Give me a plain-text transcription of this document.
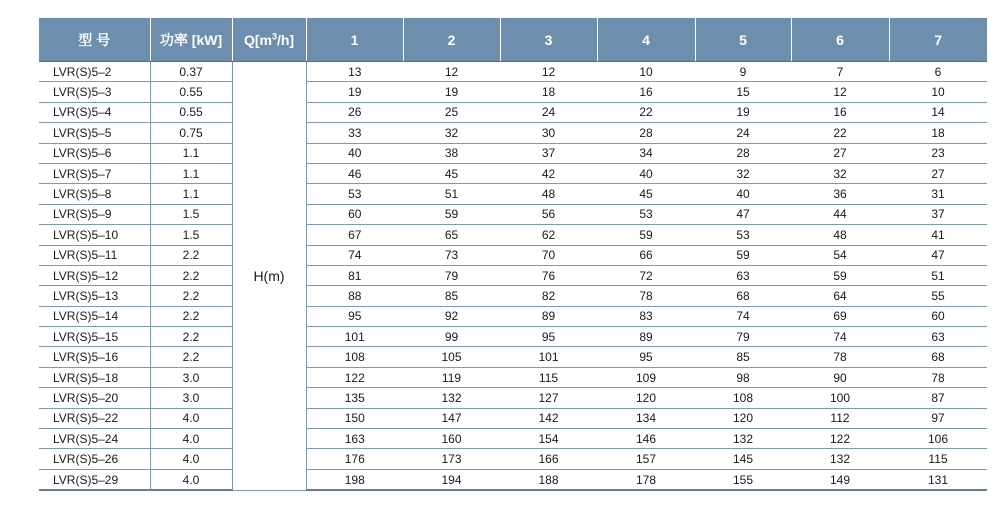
型 号	功率 [kW]	$Q[m^3/h]$	1	2	3	4	5	6	7
LVR(S)5–2	0.37	H(m)	13	12	12	10	9	7	6
LVR(S)5–3	0.55		19	19	18	16	15	12	10
LVR(S)5–4	0.55		26	25	24	22	19	16	14
LVR(S)5–5	0.75		33	32	30	28	24	22	18
LVR(S)5–6	1.1		40	38	37	34	28	27	23
LVR(S)5–7	1.1		46	45	42	40	32	32	27
LVR(S)5–8	1.1		53	51	48	45	40	36	31
LVR(S)5–9	1.5		60	59	56	53	47	44	37
LVR(S)5–10	1.5		67	65	62	59	53	48	41
LVR(S)5–11	2.2		74	73	70	66	59	54	47
LVR(S)5–12	2.2		81	79	76	72	63	59	51
LVR(S)5–13	2.2		88	85	82	78	68	64	55
LVR(S)5–14	2.2		95	92	89	83	74	69	60
LVR(S)5–15	2.2		101	99	95	89	79	74	63
LVR(S)5–16	2.2		108	105	101	95	85	78	68
LVR(S)5–18	3.0		122	119	115	109	98	90	78
LVR(S)5–20	3.0		135	132	127	120	108	100	87
LVR(S)5–22	4.0		150	147	142	134	120	112	97
LVR(S)5–24	4.0		163	160	154	146	132	122	106
LVR(S)5–26	4.0		176	173	166	157	145	132	115
LVR(S)5–29	4.0		198	194	188	178	155	149	131
